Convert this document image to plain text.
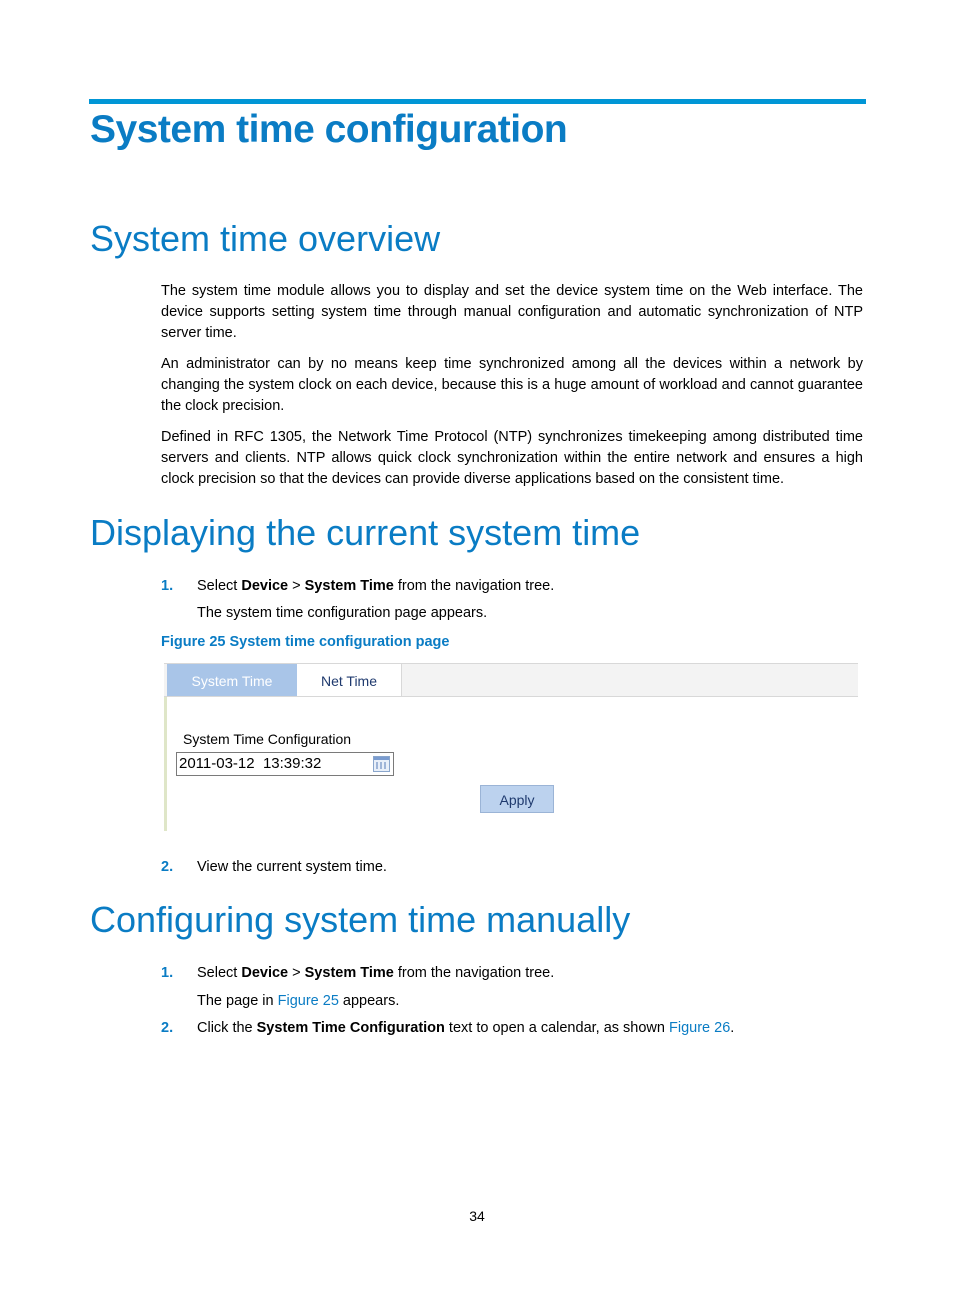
System time configuration
System time overview

The system time module allows you to display and set the device system time on the Web interface. The device supports setting system time through manual configuration and automatic synchronization of NTP server time.

An administrator can by no means keep time synchronized among all the devices within a network by changing the system clock on each device, because this is a huge amount of workload and cannot guarantee the clock precision.

Defined in RFC 1305, the Network Time Protocol (NTP) synchronizes timekeeping among distributed time servers and clients. NTP allows quick clock synchronization within the entire network and ensures a high clock precision so that the devices can provide diverse applications based on the consistent time.

Displaying the current system time
1. Select Device > System Time from the navigation tree.
The system time configuration page appears.
Figure 25 System time configuration page
System Time	Net Time
System Time Configuration
2011-03-12  13:39:32
Apply
2. View the current system time.
Configuring system time manually
1. Select Device > System Time from the navigation tree.
The page in Figure 25 appears.
2. Click the System Time Configuration text to open a calendar, as shown Figure 26.
34
